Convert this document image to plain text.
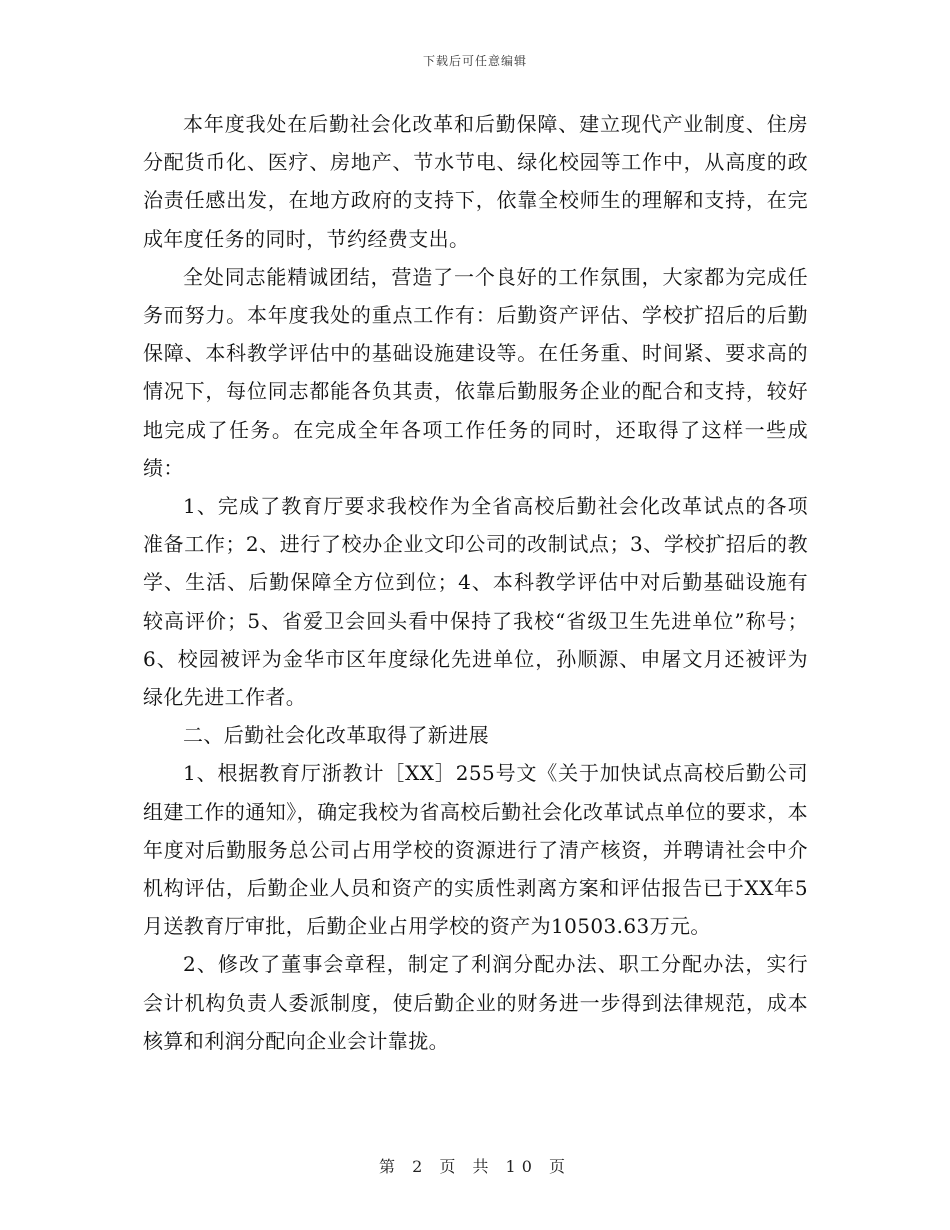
下载后可任意编辑

本年度我处在后勤社会化改革和后勤保障、建立现代产业制度、住房分配货币化、医疗、房地产、节水节电、绿化校园等工作中，从高度的政治责任感出发，在地方政府的支持下，依靠全校师生的理解和支持，在完成年度任务的同时，节约经费支出。

全处同志能精诚团结，营造了一个良好的工作氛围，大家都为完成任务而努力。本年度我处的重点工作有：后勤资产评估、学校扩招后的后勤保障、本科教学评估中的基础设施建设等。在任务重、时间紧、要求高的情况下，每位同志都能各负其责，依靠后勤服务企业的配合和支持，较好地完成了任务。在完成全年各项工作任务的同时，还取得了这样一些成绩：

1、完成了教育厅要求我校作为全省高校后勤社会化改革试点的各项准备工作；2、进行了校办企业文印公司的改制试点；3、学校扩招后的教学、生活、后勤保障全方位到位；4、本科教学评估中对后勤基础设施有较高评价；5、省爱卫会回头看中保持了我校“省级卫生先进单位”称号；6、校园被评为金华市区年度绿化先进单位，孙顺源、申屠文月还被评为绿化先进工作者。

二、后勤社会化改革取得了新进展

1、根据教育厅浙教计［XX］255号文《关于加快试点高校后勤公司组建工作的通知》，确定我校为省高校后勤社会化改革试点单位的要求，本年度对后勤服务总公司占用学校的资源进行了清产核资，并聘请社会中介机构评估，后勤企业人员和资产的实质性剥离方案和评估报告已于XX年5月送教育厅审批，后勤企业占用学校的资产为10503.63万元。

2、修改了董事会章程，制定了利润分配办法、职工分配办法，实行会计机构负责人委派制度，使后勤企业的财务进一步得到法律规范，成本核算和利润分配向企业会计靠拢。

第 2 页 共 10 页
